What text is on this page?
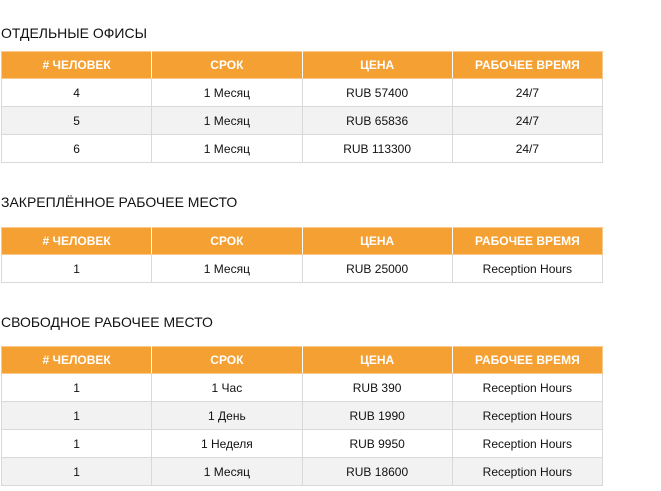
ОТДЕЛЬНЫЕ ОФИСЫ
# ЧЕЛОВЕК	СРОК	ЦЕНА	РАБОЧЕЕ ВРЕМЯ
4	1 Месяц	RUB 57400	24/7
5	1 Месяц	RUB 65836	24/7
6	1 Месяц	RUB 113300	24/7
ЗАКРЕПЛЁННОЕ РАБОЧЕЕ МЕСТО
# ЧЕЛОВЕК	СРОК	ЦЕНА	РАБОЧЕЕ ВРЕМЯ
1	1 Месяц	RUB 25000	Reception Hours
СВОБОДНОЕ РАБОЧЕЕ МЕСТО
# ЧЕЛОВЕК	СРОК	ЦЕНА	РАБОЧЕЕ ВРЕМЯ
1	1 Час	RUB 390	Reception Hours
1	1 День	RUB 1990	Reception Hours
1	1 Неделя	RUB 9950	Reception Hours
1	1 Месяц	RUB 18600	Reception Hours
